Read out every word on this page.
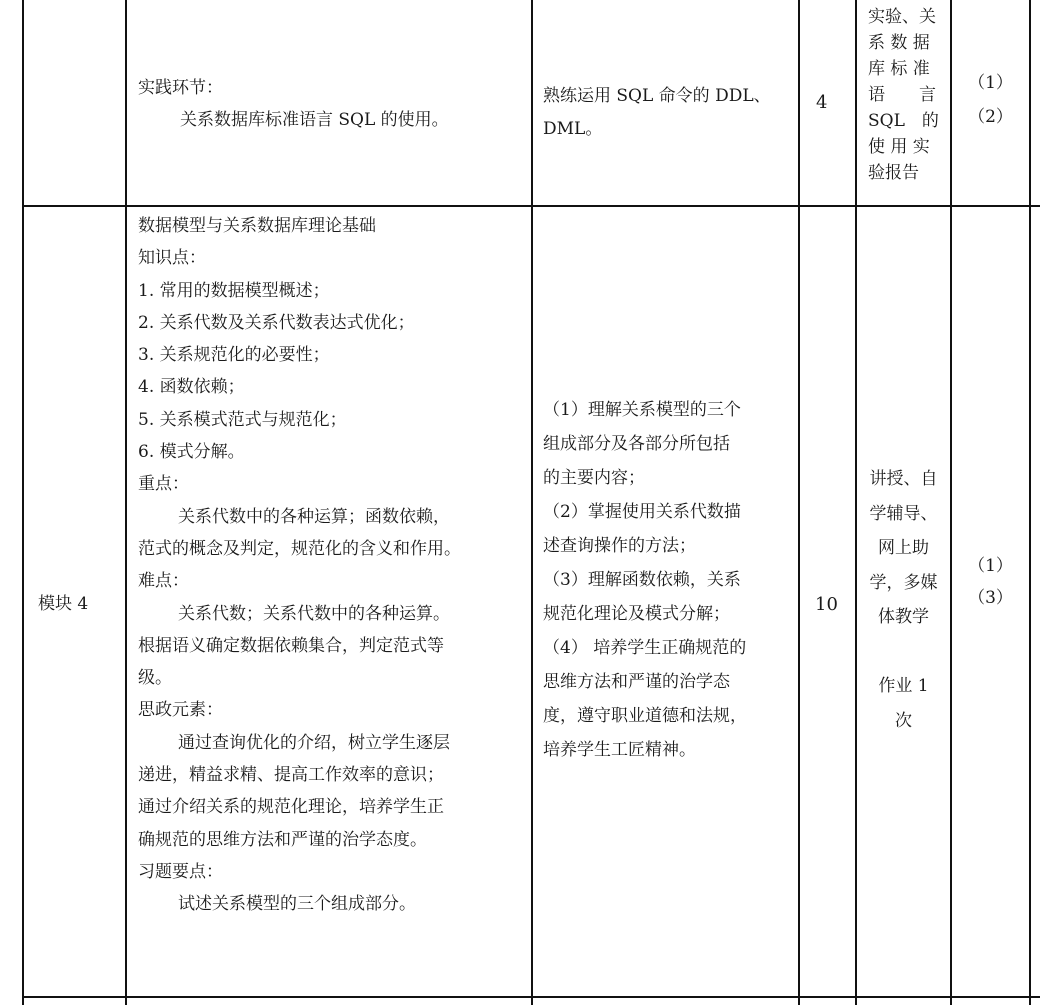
实践环节：
关系数据库标准语言 SQL 的使用。
熟练运用 SQL 命令的 DDL、
DML。
4
实验、关
系 数 据
库 标 准
语　　言
SQL　的
使 用 实
验报告
（1）
（2）
模块 4
数据模型与关系数据库理论基础
知识点：
1. 常用的数据模型概述；
2. 关系代数及关系代数表达式优化；
3. 关系规范化的必要性；
4. 函数依赖；
5. 关系模式范式与规范化；
6. 模式分解。
重点：
关系代数中的各种运算；函数依赖，
范式的概念及判定，规范化的含义和作用。
难点：
关系代数；关系代数中的各种运算。
根据语义确定数据依赖集合，判定范式等
级。
思政元素：
通过查询优化的介绍，树立学生逐层
递进，精益求精、提高工作效率的意识；
通过介绍关系的规范化理论，培养学生正
确规范的思维方法和严谨的治学态度。
习题要点：
试述关系模型的三个组成部分。
（1）理解关系模型的三个
组成部分及各部分所包括
的主要内容；
（2）掌握使用关系代数描
述查询操作的方法；
（3）理解函数依赖，关系
规范化理论及模式分解；
（4） 培养学生正确规范的
思维方法和严谨的治学态
度，遵守职业道德和法规，
培养学生工匠精神。
10
讲授、自
学辅导、
网上助
学，多媒
体教学
作业 1
次
（1）
（3）
